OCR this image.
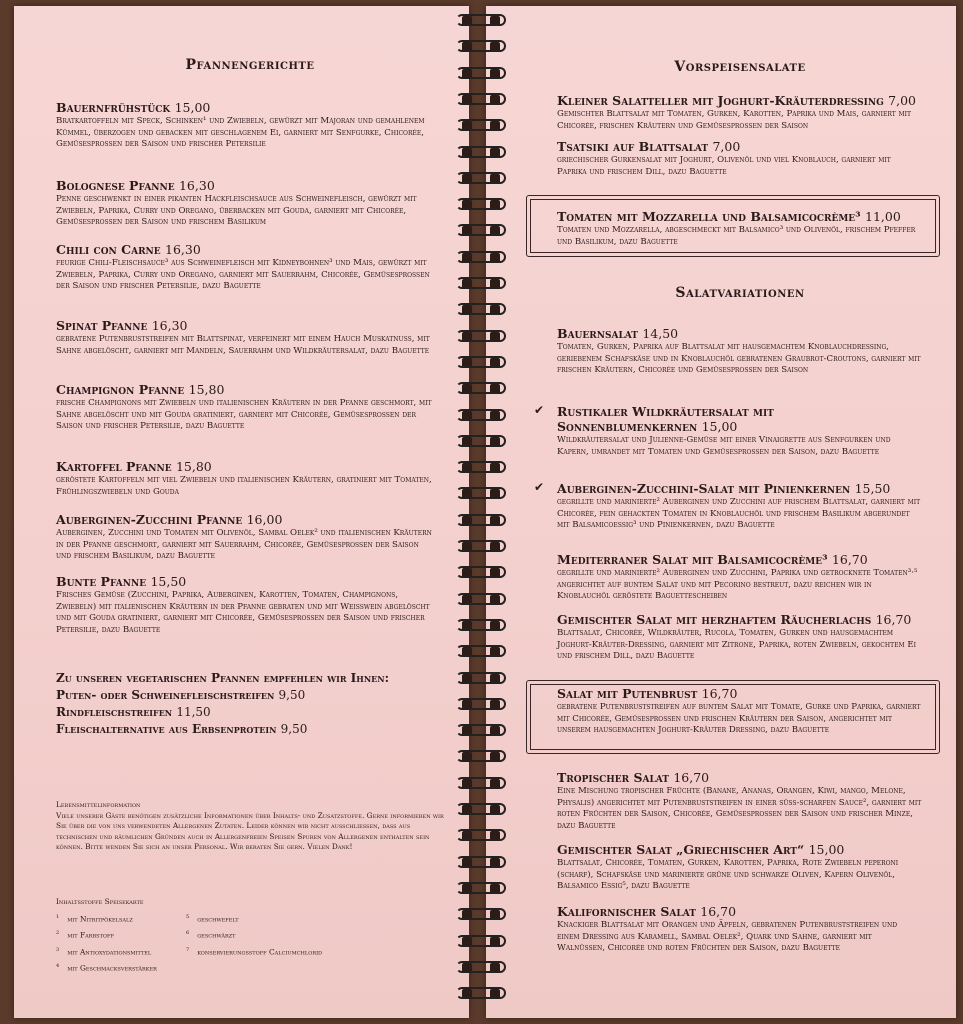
Pfannengerichte
Bauernfrühstück 15,00
Bratkartoffeln mit Speck, Schinken¹ und Zwiebeln, gewürzt mit Majoran und gemahlenem Kümmel, überzogen und gebacken mit geschlagenem Ei, garniert mit Senfgurke, Chicorée, Gemüsesprossen der Saison und frischer Petersilie
Bolognese Pfanne 16,30
Penne geschwenkt in einer pikanten Hackfleischsauce aus Schweinefleisch, gewürzt mit Zwiebeln, Paprika, Curry und Oregano, überbacken mit Gouda, garniert mit Chicorée, Gemüsesprossen der Saison und frischem Basilikum
Chili con Carne 16,30
feurige Chili-Fleischsauce³ aus Schweinefleisch mit Kidneybohnen³ und Mais, gewürzt mit Zwiebeln, Paprika, Curry und Oregano, garniert mit Sauerrahm, Chicorée, Gemüsesprossen der Saison und frischer Petersilie, dazu Baguette
Spinat Pfanne 16,30
gebratene Putenbruststreifen mit Blattspinat, verfeinert mit einem Hauch Muskatnuss, mit Sahne abgelöscht, garniert mit Mandeln, Sauerrahm und Wildkräutersalat, dazu Baguette
Champignon Pfanne 15,80
frische Champignons mit Zwiebeln und italienischen Kräutern in der Pfanne geschmort, mit Sahne abgelöscht und mit Gouda gratiniert, garniert mit Chicorée, Gemüsesprossen der Saison und frischer Petersilie, dazu Baguette
Kartoffel Pfanne 15,80
geröstete Kartoffeln mit viel Zwiebeln und italienischen Kräutern, gratiniert mit Tomaten, Frühlingszwiebeln und Gouda
Auberginen-Zucchini Pfanne 16,00
Auberginen, Zucchini und Tomaten mit Olivenöl, Sambal Oelek² und italienischen Kräutern in der Pfanne geschmort, garniert mit Sauerrahm, Chicorée, Gemüsesprossen der Saison und frischem Basilikum, dazu Baguette
Bunte Pfanne 15,50
Frisches Gemüse (Zucchini, Paprika, Auberginen, Karotten, Tomaten, Champignons, Zwiebeln) mit italienischen Kräutern in der Pfanne gebraten und mit Weisswein abgelöscht und mit Gouda gratiniert, garniert mit Chicorée, Gemüsesprossen der Saison und frischer Petersilie, dazu Baguette
Zu unseren vegetarischen Pfannen empfehlen wir Ihnen:
Puten- oder Schweinefleischstreifen 9,50
Rindfleischstreifen 11,50
Fleischalternative aus Erbsenprotein 9,50
Lebensmittelinformation
Viele unserer Gäste benötigen zusätzliche Informationen über Inhalts- und Zusatzstoffe. Gerne informieren wir Sie über die von uns verwendeten Allergenen Zutaten. Leider können wir nicht ausschließen, dass aus technischen und räumlichen Gründen auch in Allergenfreien Speisen Spuren von Allergenen enthalten sein können. Bitte wenden Sie sich an unser Personal. Wir beraten Sie gern. Vielen Dank!
Inhaltsstoffe Speisekarte
$^1$ mit Nitritpökelsalz
$^2$ mit Farbstoff
$^3$ mit Antioxydationsmittel
$^4$ mit Geschmacksverstärker
$^5$ geschwefelt
$^6$ geschwärzt
$^7$ konservierungsstoff Calciumchlorid
Vorspeisensalate
Kleiner Salatteller mit Joghurt-Kräuterdressing 7,00
Gemischter Blattsalat mit Tomaten, Gurken, Karotten, Paprika und Mais, garniert mit Chicorée, frischen Kräutern und Gemüsesprossen der Saison
Tsatsiki auf Blattsalat 7,00
griechischer Gurkensalat mit Joghurt, Olivenöl und viel Knoblauch, garniert mit Paprika und frischem Dill, dazu Baguette
Tomaten mit Mozzarella und Balsamicocrème³ 11,00
Tomaten und Mozzarella, abgeschmeckt mit Balsamico³ und Olivenöl, frischem Pfeffer und Basilikum, dazu Baguette
Salatvariationen
Bauernsalat 14,50
Tomaten, Gurken, Paprika auf Blattsalat mit hausgemachtem Knoblauchdressing, geriebenem Schafskäse und in Knoblauchöl gebratenen Graubrot-Croutons, garniert mit frischen Kräutern, Chicorée und Gemüsesprossen der Saison
✔ Rustikaler Wildkräutersalat mit Sonnenblumenkernen 15,00
Wildkräutersalat und Julienne-Gemüse mit einer Vinaigrette aus Senfgurken und Kapern, umrandet mit Tomaten und Gemüsesprossen der Saison, dazu Baguette
✔ Auberginen-Zucchini-Salat mit Pinienkernen 15,50
gegrillte und marinierte² Auberginen und Zucchini auf frischem Blattsalat, garniert mit Chicorée, fein gehackten Tomaten in Knoblauchöl und frischem Basilikum abgerundet mit Balsamicoessig³ und Pinienkernen, dazu Baguette
Mediterraner Salat mit Balsamicocrème³ 16,70
gegrillte und marinierte² Auberginen und Zucchini, Paprika und getrocknete Tomaten³·⁵ angerichtet auf buntem Salat und mit Pecorino bestreut, dazu reichen wir in Knoblauchöl geröstete Baguettescheiben
Gemischter Salat mit herzhaftem Räucherlachs 16,70
Blattsalat, Chicorée, Wildkräuter, Rucola, Tomaten, Gurken und hausgemachtem Joghurt-Kräuter-Dressing, garniert mit Zitrone, Paprika, roten Zwiebeln, gekochtem Ei und frischem Dill, dazu Baguette
Salat mit Putenbrust 16,70
gebratene Putenbruststreifen auf buntem Salat mit Tomate, Gurke und Paprika, garniert mit Chicorée, Gemüsesprossen und frischen Kräutern der Saison, angerichtet mit unserem hausgemachten Joghurt-Kräuter Dressing, dazu Baguette
Tropischer Salat 16,70
Eine Mischung tropischer Früchte (Banane, Ananas, Orangen, Kiwi, mango, Melone, Physalis) angerichtet mit Putenbruststreifen in einer süss-scharfen Sauce², garniert mit roten Früchten der Saison, Chicorée, Gemüsesprossen der Saison und frischer Minze, dazu Baguette
Gemischter Salat „Griechischer Art“ 15,00
Blattsalat, Chicorée, Tomaten, Gurken, Karotten, Paprika, Rote Zwiebeln peperoni (scharf), Schafskäse und marinierte grüne und schwarze Oliven, Kapern Olivenöl, Balsamico Essig⁵, dazu Baguette
Kalifornischer Salat 16,70
Knackiger Blattsalat mit Orangen und Äpfeln, gebratenen Putenbruststreifen und einem Dressing aus Karamell, Sambal Oelek², Quark und Sahne, garniert mit Walnüssen, Chicorée und roten Früchten der Saison, dazu Baguette
